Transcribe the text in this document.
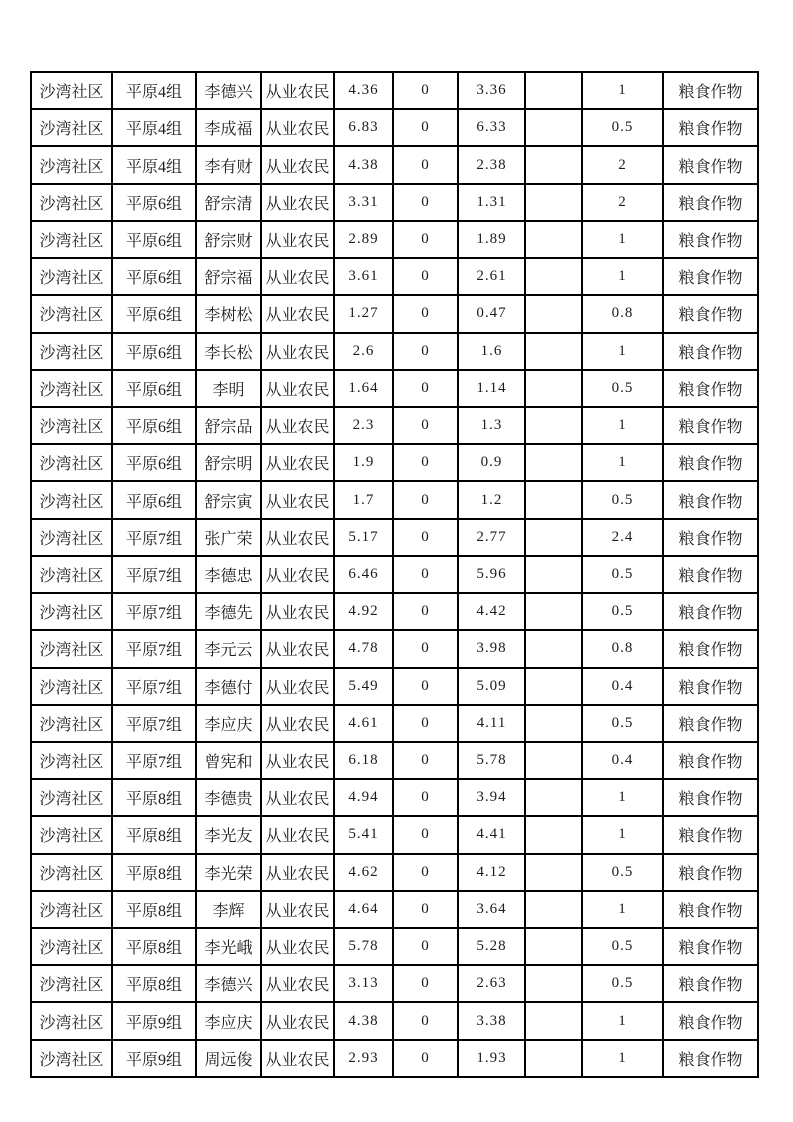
沙湾社区	平原4组	李德兴	从业农民	4.36	0	3.36		1	粮食作物
沙湾社区	平原4组	李成福	从业农民	6.83	0	6.33		0.5	粮食作物
沙湾社区	平原4组	李有财	从业农民	4.38	0	2.38		2	粮食作物
沙湾社区	平原6组	舒宗清	从业农民	3.31	0	1.31		2	粮食作物
沙湾社区	平原6组	舒宗财	从业农民	2.89	0	1.89		1	粮食作物
沙湾社区	平原6组	舒宗福	从业农民	3.61	0	2.61		1	粮食作物
沙湾社区	平原6组	李树松	从业农民	1.27	0	0.47		0.8	粮食作物
沙湾社区	平原6组	李长松	从业农民	2.6	0	1.6		1	粮食作物
沙湾社区	平原6组	李明	从业农民	1.64	0	1.14		0.5	粮食作物
沙湾社区	平原6组	舒宗品	从业农民	2.3	0	1.3		1	粮食作物
沙湾社区	平原6组	舒宗明	从业农民	1.9	0	0.9		1	粮食作物
沙湾社区	平原6组	舒宗寅	从业农民	1.7	0	1.2		0.5	粮食作物
沙湾社区	平原7组	张广荣	从业农民	5.17	0	2.77		2.4	粮食作物
沙湾社区	平原7组	李德忠	从业农民	6.46	0	5.96		0.5	粮食作物
沙湾社区	平原7组	李德先	从业农民	4.92	0	4.42		0.5	粮食作物
沙湾社区	平原7组	李元云	从业农民	4.78	0	3.98		0.8	粮食作物
沙湾社区	平原7组	李德付	从业农民	5.49	0	5.09		0.4	粮食作物
沙湾社区	平原7组	李应庆	从业农民	4.61	0	4.11		0.5	粮食作物
沙湾社区	平原7组	曾宪和	从业农民	6.18	0	5.78		0.4	粮食作物
沙湾社区	平原8组	李德贵	从业农民	4.94	0	3.94		1	粮食作物
沙湾社区	平原8组	李光友	从业农民	5.41	0	4.41		1	粮食作物
沙湾社区	平原8组	李光荣	从业农民	4.62	0	4.12		0.5	粮食作物
沙湾社区	平原8组	李辉	从业农民	4.64	0	3.64		1	粮食作物
沙湾社区	平原8组	李光峨	从业农民	5.78	0	5.28		0.5	粮食作物
沙湾社区	平原8组	李德兴	从业农民	3.13	0	2.63		0.5	粮食作物
沙湾社区	平原9组	李应庆	从业农民	4.38	0	3.38		1	粮食作物
沙湾社区	平原9组	周远俊	从业农民	2.93	0	1.93		1	粮食作物
